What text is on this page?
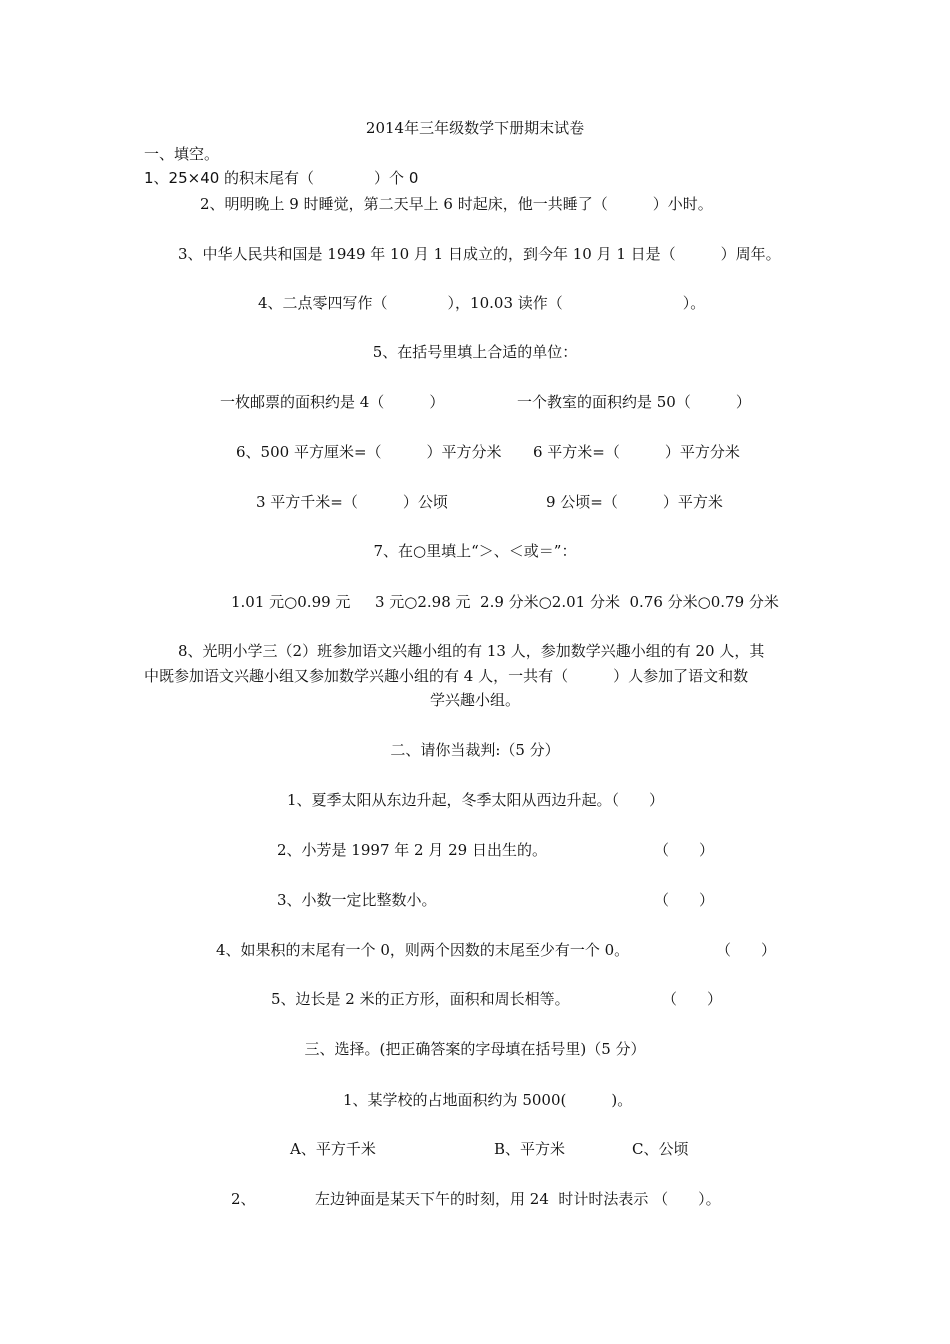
2014年三年级数学下册期末试卷
一、填空。
1、25×40 的积末尾有（　　　　）个 0
2、明明晚上 9 时睡觉，第二天早上 6 时起床，他一共睡了（　　　）小时。
3、中华人民共和国是 1949 年 10 月 1 日成立的，到今年 10 月 1 日是（　　　）周年。
4、二点零四写作（　　　　），10.03 读作（　　　　　　　　）。
5、在括号里填上合适的单位：
一枚邮票的面积约是 4（　　　）	一个教室的面积约是 50（　　　）
6、500 平方厘米=（　　　）平方分米 6 平方米=（　　　）平方分米
3 平方千米=（　　　）公顷	9 公顷=（　　　）平方米
7、在○里填上“＞、＜或＝”：
1.01 元○0.99 元　  3 元○2.98 元  2.9 分米○2.01 分米  0.76 分米○0.79 分米
8、光明小学三（2）班参加语文兴趣小组的有 13 人，参加数学兴趣小组的有 20 人，其
中既参加语文兴趣小组又参加数学兴趣小组的有 4 人，一共有（　　　）人参加了语文和数
学兴趣小组。
二、请你当裁判:（5 分）
1、夏季太阳从东边升起，冬季太阳从西边升起。（　　）
2、小芳是 1997 年 2 月 29 日出生的。	（　　）
3、小数一定比整数小。	（　　）
4、如果积的末尾有一个 0，则两个因数的末尾至少有一个 0。	（　　）
5、边长是 2 米的正方形，面积和周长相等。	（　　）
三、选择。(把正确答案的字母填在括号里)（5 分）
1、某学校的占地面积约为 5000(　　　)。
A、平方千米	B、平方米	C、公顷
2、	左边钟面是某天下午的时刻，用 24  时计时法表示 （　　）。
